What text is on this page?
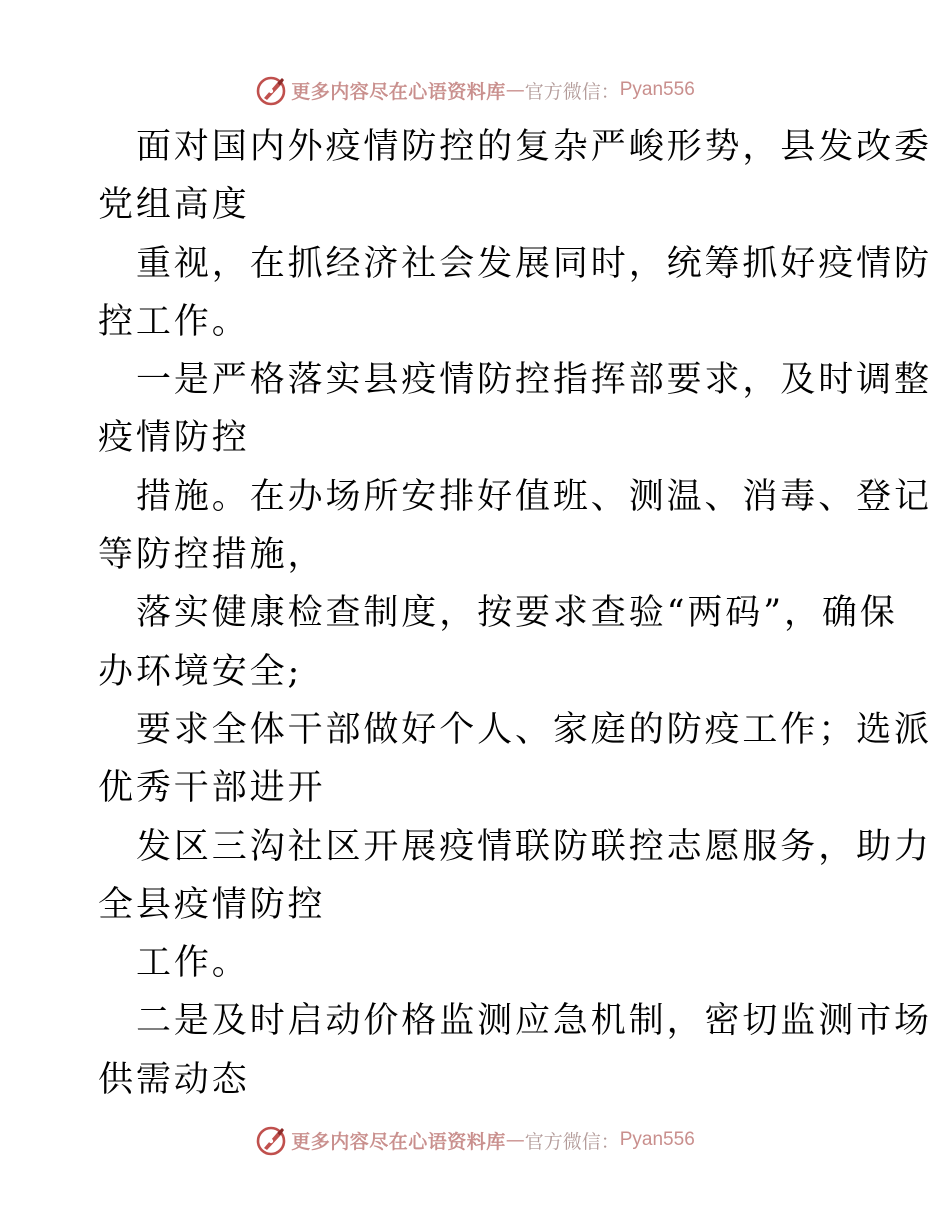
更多内容尽在心语资料库 — 官方微信： Pyan556
面对国内外疫情防控的复杂严峻形势，县发改委
党组高度
重视，在抓经济社会发展同时，统筹抓好疫情防
控工作。
一是严格落实县疫情防控指挥部要求，及时调整
疫情防控
措施。在办场所安排好值班、测温、消毒、登记
等防控措施，
落实健康检查制度，按要求查验“两码”，确保
办环境安全;
要求全体干部做好个人、家庭的防疫工作；选派
优秀干部进开
发区三沟社区开展疫情联防联控志愿服务，助力
全县疫情防控
工作。
二是及时启动价格监测应急机制，密切监测市场
供需动态
更多内容尽在心语资料库 — 官方微信： Pyan556
